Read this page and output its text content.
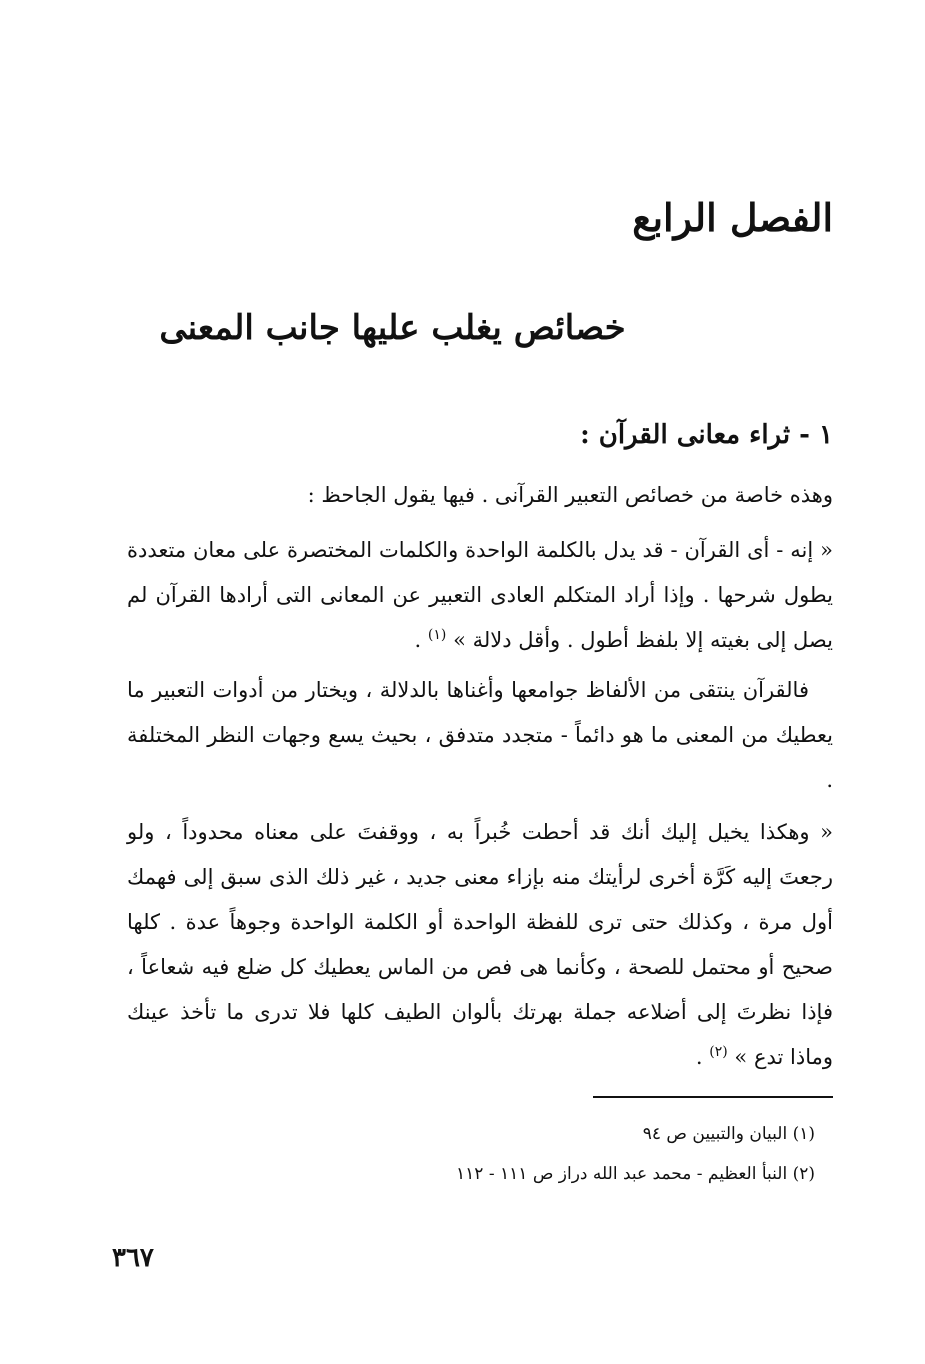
الفصل الرابع
خصائص يغلب عليها جانب المعنى
١ - ثراء معانى القرآن :

وهذه خاصة من خصائص التعبير القرآنى . فيها يقول الجاحظ :

« إنه - أى القرآن - قد يدل بالكلمة الواحدة والكلمات المختصرة على معان متعددة يطول شرحها . وإذا أراد المتكلم العادى التعبير عن المعانى التى أرادها القرآن لم يصل إلى بغيته إلا بلفظ أطول . وأقل دلالة » $^{(١)}$ .

فالقرآن ينتقى من الألفاظ جوامعها وأغناها بالدلالة ، ويختار من أدوات التعبير ما يعطيك من المعنى ما هو دائماً - متجدد متدفق ، بحيث يسع وجهات النظر المختلفة .

« وهكذا يخيل إليك أنك قد أحطت خُبراً به ، ووقفتَ على معناه محدوداً ، ولو رجعتَ إليه كَرَّة أخرى لرأيتك منه بإزاء معنى جديد ، غير ذلك الذى سبق إلى فهمك أول مرة ، وكذلك حتى ترى للفظة الواحدة أو الكلمة الواحدة وجوهاً عدة . كلها صحيح أو محتمل للصحة ، وكأنما هى فص من الماس يعطيك كل ضلع فيه شعاعاً ، فإذا نظرتَ إلى أضلاعه جملة بهرتك بألوان الطيف كلها فلا تدرى ما تأخذ عينك وماذا تدع » $^{(٢)}$ .

(١) البيان والتبيين ص ٩٤
(٢) النبأ العظيم - محمد عبد الله دراز ص ١١١ - ١١٢
٣٦٧
